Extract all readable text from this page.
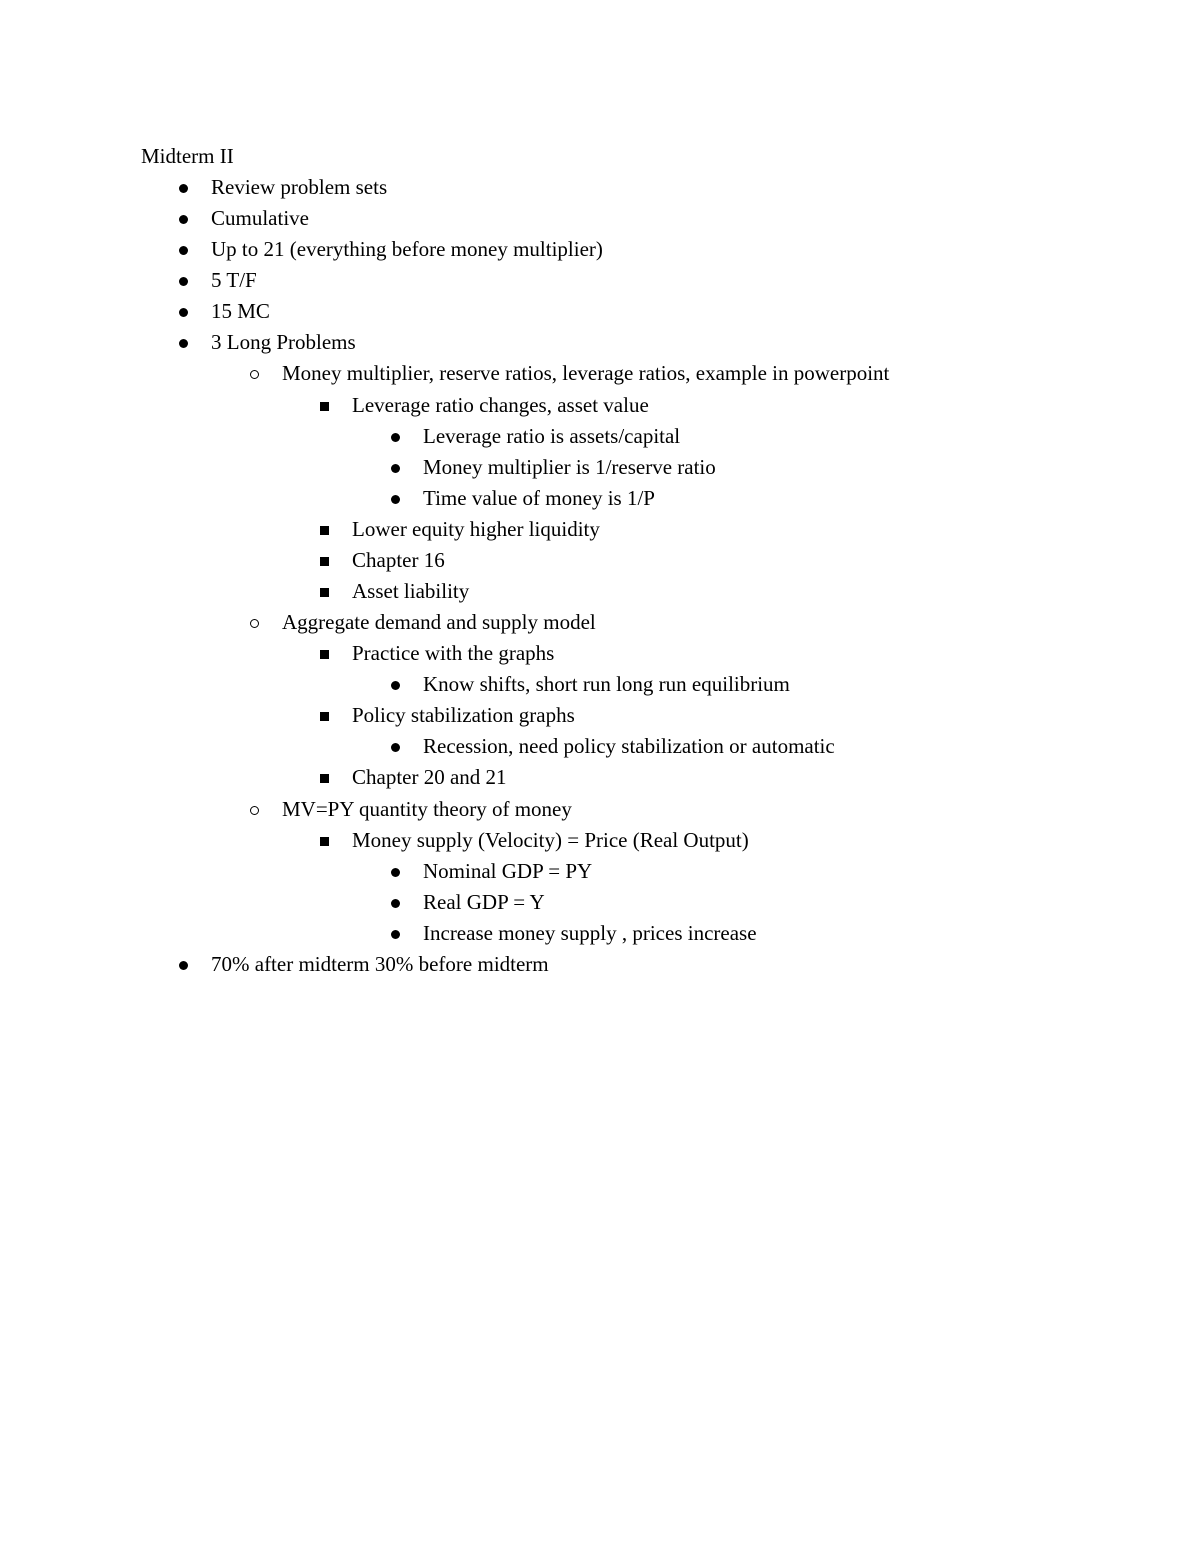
Midterm II
Review problem sets
Cumulative
Up to 21 (everything before money multiplier)
5 T/F
15 MC
3 Long Problems
Money multiplier, reserve ratios, leverage ratios, example in powerpoint
Leverage ratio changes, asset value
Leverage ratio is assets/capital
Money multiplier is 1/reserve ratio
Time value of money is 1/P
Lower equity higher liquidity
Chapter 16
Asset liability
Aggregate demand and supply model
Practice with the graphs
Know shifts, short run long run equilibrium
Policy stabilization graphs
Recession, need policy stabilization or automatic
Chapter 20 and 21
MV=PY quantity theory of money
Money supply (Velocity) = Price (Real Output)
Nominal GDP = PY
Real GDP = Y
Increase money supply , prices increase
70% after midterm 30% before midterm
